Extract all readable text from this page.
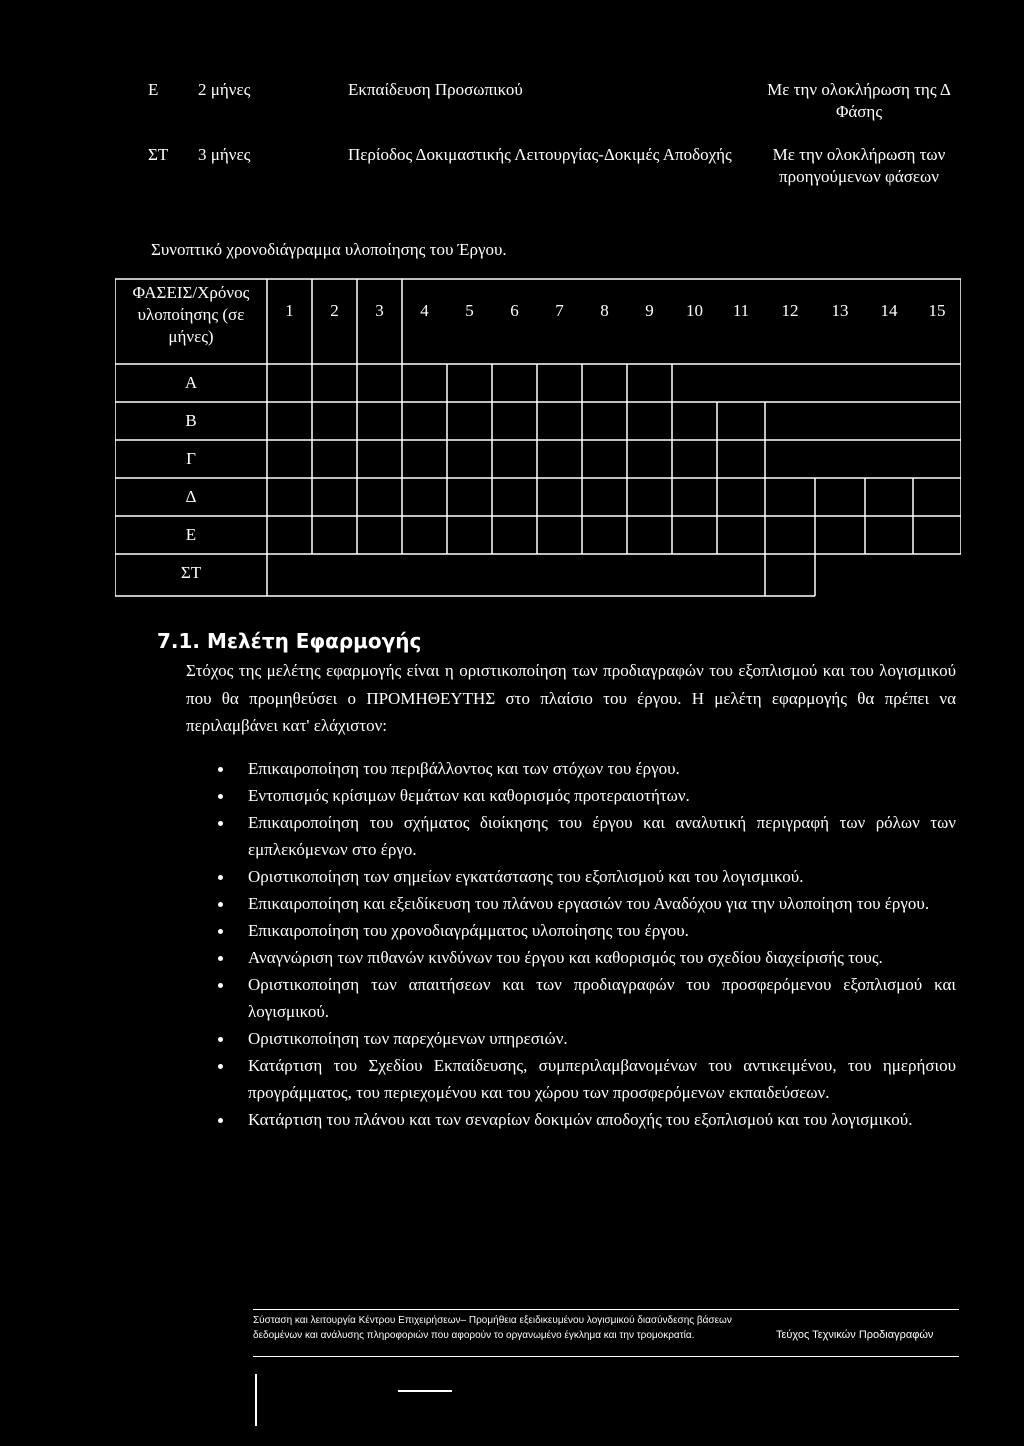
Ε 2 μήνες	Εκπαίδευση Προσωπικού	Με την ολοκλήρωση της Δ Φάσης
ΣΤ 3 μήνες	Περίοδος Δοκιμαστικής Λειτουργίας-Δοκιμές Αποδοχής	Με την ολοκλήρωση των προηγούμενων φάσεων
Συνοπτικό χρονοδιάγραμμα υλοποίησης του Έργου.
ΦΑΣΕΙΣ/Χρόνος υλοποίησης (σε μήνες)
1	2	3	4	5	6	7	8	9	10	11	12	13	14	15
Α
Β
Γ
Δ
Ε
ΣΤ
7.1. Μελέτη Εφαρμογής
Στόχος της μελέτης εφαρμογής είναι η οριστικοποίηση των προδιαγραφών του εξοπλισμού και του λογισμικού που θα προμηθεύσει ο ΠΡΟΜΗΘΕΥΤΗΣ στο πλαίσιο του έργου. Η μελέτη εφαρμογής θα πρέπει να περιλαμβάνει κατ' ελάχιστον:
Επικαιροποίηση του περιβάλλοντος και των στόχων του έργου.
Εντοπισμός κρίσιμων θεμάτων και καθορισμός προτεραιοτήτων.
Επικαιροποίηση του σχήματος διοίκησης του έργου και αναλυτική περιγραφή των ρόλων των εμπλεκόμενων στο έργο.
Οριστικοποίηση των σημείων εγκατάστασης του εξοπλισμού και του λογισμικού.
Επικαιροποίηση και εξειδίκευση του πλάνου εργασιών του Αναδόχου για την υλοποίηση του έργου.
Επικαιροποίηση του χρονοδιαγράμματος υλοποίησης του έργου.
Αναγνώριση των πιθανών κινδύνων του έργου και καθορισμός του σχεδίου διαχείρισής τους.
Οριστικοποίηση των απαιτήσεων και των προδιαγραφών του προσφερόμενου εξοπλισμού και λογισμικού.
Οριστικοποίηση των παρεχόμενων υπηρεσιών.
Κατάρτιση του Σχεδίου Εκπαίδευσης, συμπεριλαμβανομένων του αντικειμένου, του ημερήσιου προγράμματος, του περιεχομένου και του χώρου των προσφερόμενων εκπαιδεύσεων.
Κατάρτιση του πλάνου και των σεναρίων δοκιμών αποδοχής του εξοπλισμού και του λογισμικού.
Σύσταση και λειτουργία Κέντρου Επιχειρήσεων– Προμήθεια εξειδικευμένου λογισμικού διασύνδεσης βάσεων δεδομένων και ανάλυσης πληροφοριών που αφορούν το οργανωμένο έγκλημα και την τρομοκρατία.	Τεύχος Τεχνικών Προδιαγραφών
